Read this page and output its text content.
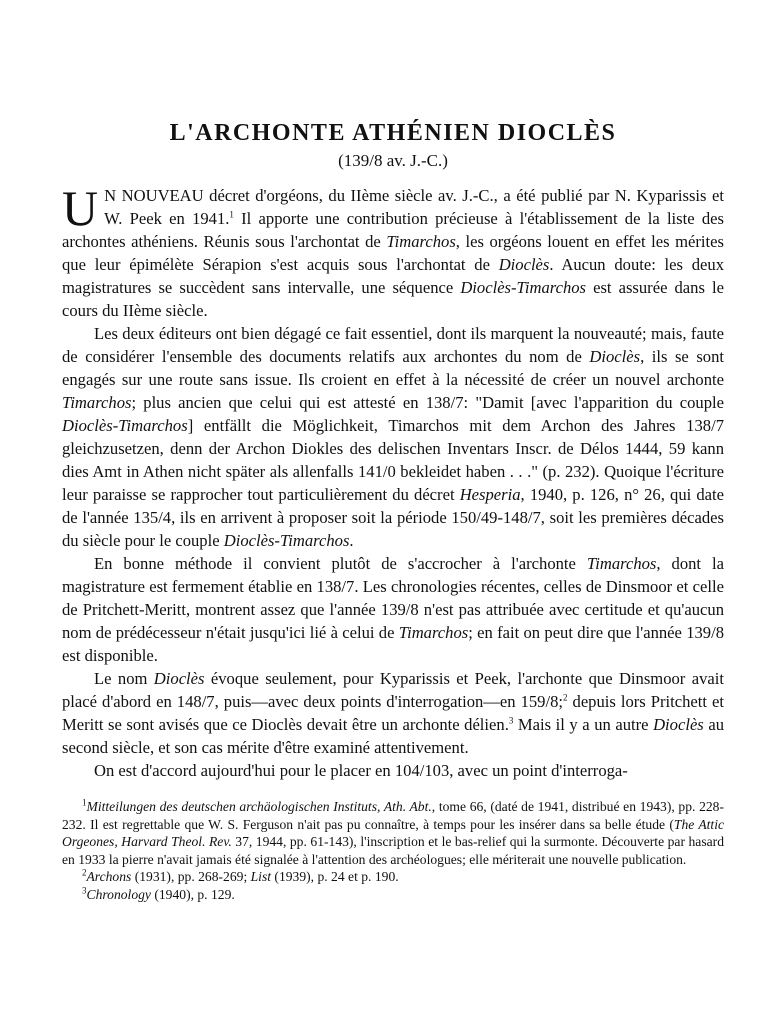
L'ARCHONTE ATHÉNIEN DIOCLÈS
(139/8 av. J.-C.)

U N NOUVEAU décret d'orgéons, du IIème siècle av. J.-C., a été publié par N. Kyparissis et W. Peek en 1941.$^1$ Il apporte une contribution précieuse à l'établissement de la liste des archontes athéniens. Réunis sous l'archontat de Timarchos, les orgéons louent en effet les mérites que leur épimélète Sérapion s'est acquis sous l'archontat de Dioclès. Aucun doute: les deux magistratures se succèdent sans intervalle, une séquence Dioclès-Timarchos est assurée dans le cours du IIème siècle.

Les deux éditeurs ont bien dégagé ce fait essentiel, dont ils marquent la nouveauté; mais, faute de considérer l'ensemble des documents relatifs aux archontes du nom de Dioclès, ils se sont engagés sur une route sans issue. Ils croient en effet à la nécessité de créer un nouvel archonte Timarchos; plus ancien que celui qui est attesté en 138/7: "Damit [avec l'apparition du couple Dioclès-Timarchos] entfällt die Möglichkeit, Timarchos mit dem Archon des Jahres 138/7 gleichzusetzen, denn der Archon Diokles des delischen Inventars Inscr. de Délos 1444, 59 kann dies Amt in Athen nicht später als allenfalls 141/0 bekleidet haben . . ." (p. 232). Quoique l'écriture leur paraisse se rapprocher tout particulièrement du décret Hesperia, 1940, p. 126, n° 26, qui date de l'année 135/4, ils en arrivent à proposer soit la période 150/49-148/7, soit les premières décades du siècle pour le couple Dioclès-Timarchos.

En bonne méthode il convient plutôt de s'accrocher à l'archonte Timarchos, dont la magistrature est fermement établie en 138/7. Les chronologies récentes, celles de Dinsmoor et celle de Pritchett-Meritt, montrent assez que l'année 139/8 n'est pas attribuée avec certitude et qu'aucun nom de prédécesseur n'était jusqu'ici lié à celui de Timarchos; en fait on peut dire que l'année 139/8 est disponible.

Le nom Dioclès évoque seulement, pour Kyparissis et Peek, l'archonte que Dinsmoor avait placé d'abord en 148/7, puis—avec deux points d'interrogation—en 159/8;$^2$ depuis lors Pritchett et Meritt se sont avisés que ce Dioclès devait être un archonte délien.$^3$ Mais il y a un autre Dioclès au second siècle, et son cas mérite d'être examiné attentivement.

On est d'accord aujourd'hui pour le placer en 104/103, avec un point d'interroga-

$^1$Mitteilungen des deutschen archäologischen Instituts, Ath. Abt., tome 66, (daté de 1941, distribué en 1943), pp. 228-232. Il est regrettable que W. S. Ferguson n'ait pas pu connaître, à temps pour les insérer dans sa belle étude (The Attic Orgeones, Harvard Theol. Rev. 37, 1944, pp. 61-143), l'inscription et le bas-relief qui la surmonte. Découverte par hasard en 1933 la pierre n'avait jamais été signalée à l'attention des archéologues; elle mériterait une nouvelle publication.

$^2$Archons (1931), pp. 268-269; List (1939), p. 24 et p. 190.

$^3$Chronology (1940), p. 129.
